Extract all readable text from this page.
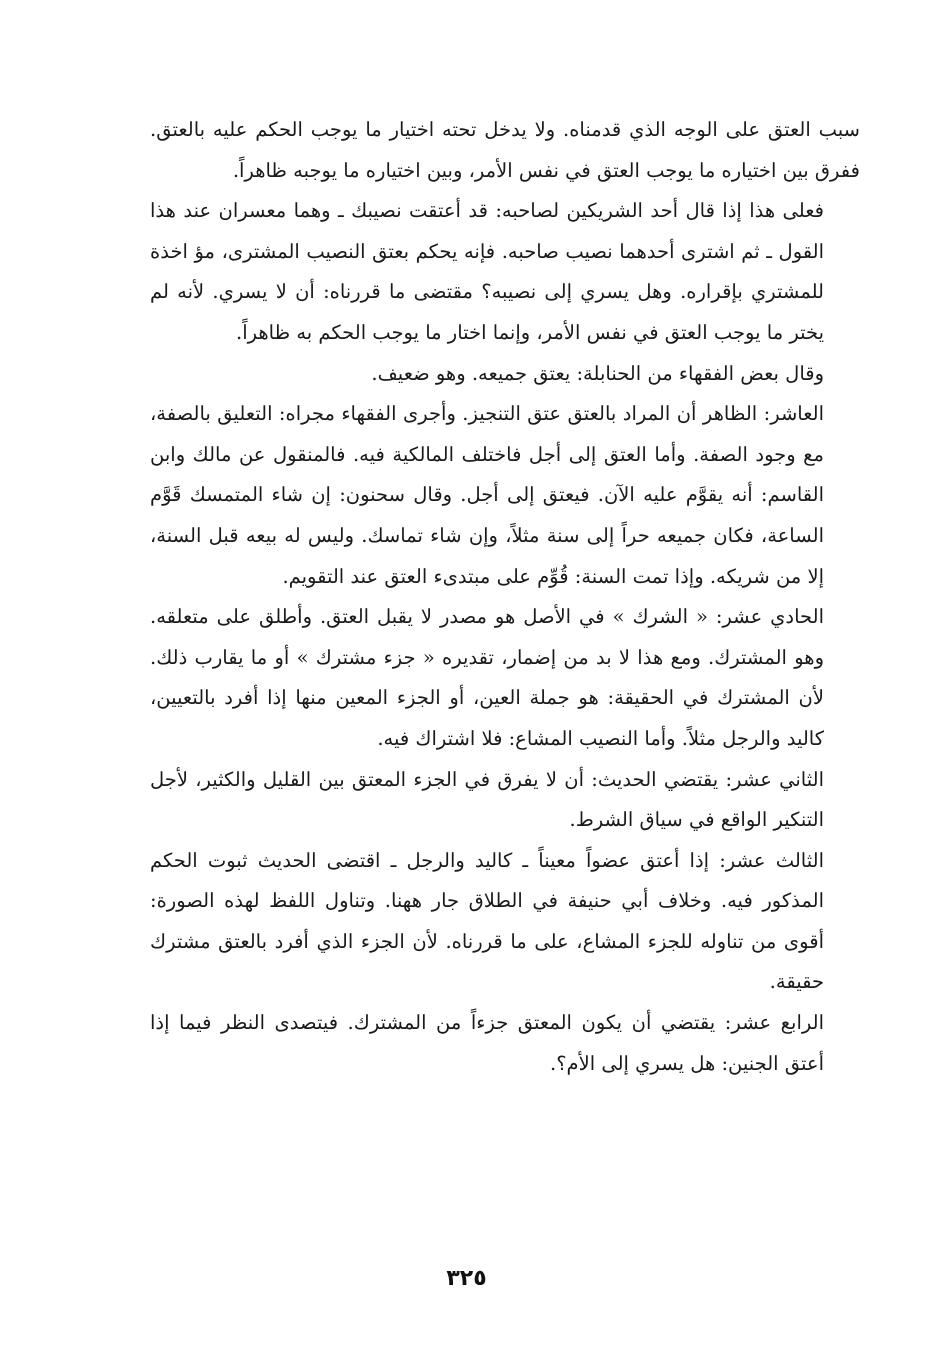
سبب العتق على الوجه الذي قدمناه. ولا يدخل تحته اختيار ما يوجب الحكم عليه بالعتق. ففرق بين اختياره ما يوجب العتق في نفس الأمر، وبين اختياره ما يوجبه ظاهراً.

فعلى هذا إذا قال أحد الشريكين لصاحبه: قد أعتقت نصيبك ـ وهما معسران عند هذا القول ـ ثم اشترى أحدهما نصيب صاحبه. فإنه يحكم بعتق النصيب المشترى، مؤ اخذة للمشتري بإقراره. وهل يسري إلى نصيبه؟ مقتضى ما قررناه: أن لا يسري. لأنه لم يختر ما يوجب العتق في نفس الأمر، وإنما اختار ما يوجب الحكم به ظاهراً.

وقال بعض الفقهاء من الحنابلة: يعتق جميعه. وهو ضعيف.

العاشر: الظاهر أن المراد بالعتق عتق التنجيز. وأجرى الفقهاء مجراه: التعليق بالصفة، مع وجود الصفة. وأما العتق إلى أجل فاختلف المالكية فيه. فالمنقول عن مالك وابن القاسم: أنه يقوَّم عليه الآن. فيعتق إلى أجل. وقال سحنون: إن شاء المتمسك قَوَّم الساعة، فكان جميعه حراً إلى سنة مثلاً، وإن شاء تماسك. وليس له بيعه قبل السنة، إلا من شريكه. وإذا تمت السنة: قُوِّم على مبتدىء العتق عند التقويم.

الحادي عشر: « الشرك » في الأصل هو مصدر لا يقبل العتق. وأطلق على متعلقه. وهو المشترك. ومع هذا لا بد من إضمار، تقديره « جزء مشترك » أو ما يقارب ذلك. لأن المشترك في الحقيقة: هو جملة العين، أو الجزء المعين منها إذا أفرد بالتعيين، كاليد والرجل مثلاً. وأما النصيب المشاع: فلا اشتراك فيه.

الثاني عشر: يقتضي الحديث: أن لا يفرق في الجزء المعتق بين القليل والكثير، لأجل التنكير الواقع في سياق الشرط.

الثالث عشر: إذا أعتق عضواً معيناً ـ كاليد والرجل ـ اقتضى الحديث ثبوت الحكم المذكور فيه. وخلاف أبي حنيفة في الطلاق جار ههنا. وتناول اللفظ لهذه الصورة: أقوى من تناوله للجزء المشاع، على ما قررناه. لأن الجزء الذي أفرد بالعتق مشترك حقيقة.

الرابع عشر: يقتضي أن يكون المعتق جزءاً من المشترك. فيتصدى النظر فيما إذا أعتق الجنين: هل يسري إلى الأم؟.

٣٢٥
